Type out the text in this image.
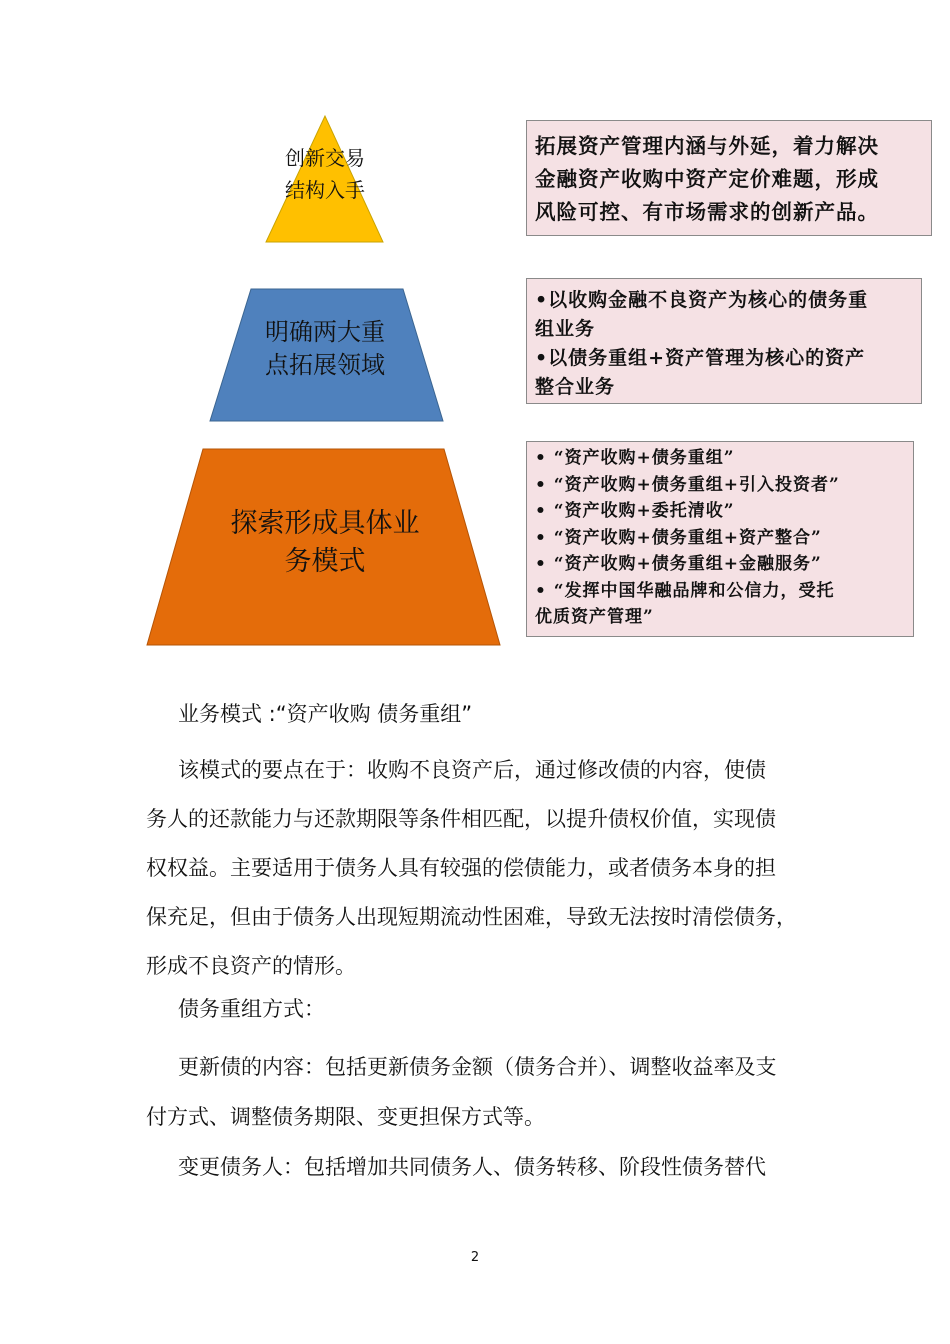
创新交易
结构入手
明确两大重
点拓展领域
探索形成具体业
务模式
拓展资产管理内涵与外延，着力解决
金融资产收购中资产定价难题，形成
风险可控、有市场需求的创新产品。
•以收购金融不良资产为核心的债务重
组业务
•以债务重组+资产管理为核心的资产
整合业务
• “资产收购+债务重组”
• “资产收购+债务重组+引入投资者”
• “资产收购+委托清收”
• “资产收购+债务重组+资产整合”
• “资产收购+债务重组+金融服务”
• “发挥中国华融品牌和公信力，受托
优质资产管理”
业务模式 :“资产收购 债务重组”
该模式的要点在于：收购不良资产后，通过修改债的内容，使债
务人的还款能力与还款期限等条件相匹配，以提升债权价值，实现债
权权益。主要适用于债务人具有较强的偿债能力，或者债务本身的担
保充足，但由于债务人出现短期流动性困难，导致无法按时清偿债务，
形成不良资产的情形。
债务重组方式：
更新债的内容：包括更新债务金额（债务合并）、调整收益率及支
付方式、调整债务期限、变更担保方式等。
变更债务人：包括增加共同债务人、债务转移、阶段性债务替代
2
